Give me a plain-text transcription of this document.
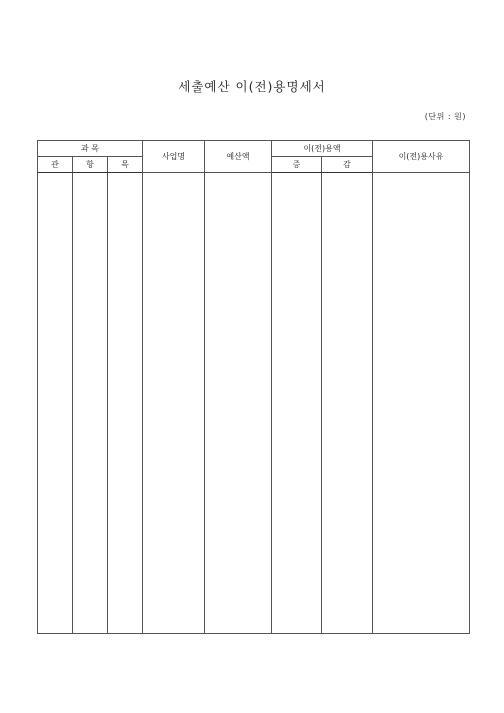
세출예산 이(전)용명세서
(단위 : 원)
과 목			사업명	예산액	이(전)용액		이(전)용사유
관	항	목			증	감	
